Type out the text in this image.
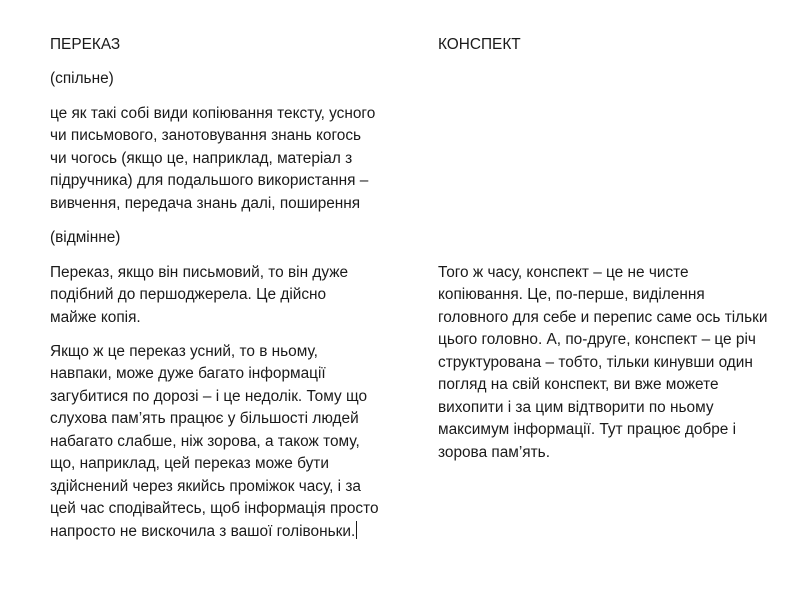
ПЕРЕКАЗ
(спільне)
це як такі собі види копіювання тексту, усного
чи письмового, занотовування знань когось
чи чогось (якщо це, наприклад, матеріал з
підручника) для подальшого використання –
вивчення, передача знань далі, поширення
(відмінне)
Переказ, якщо він письмовий, то він дуже
подібний до першоджерела. Це дійсно
майже копія.
Якщо ж це переказ усний, то в ньому,
навпаки, може дуже багато інформації
загубитися по дорозі – і це недолік. Тому що
слухова пам’ять працює у більшості людей
набагато слабше, ніж зорова, а також тому,
що, наприклад, цей переказ може бути
здійснений через якийсь проміжок часу, і за
цей час сподівайтесь, щоб інформація просто
напросто не вискочила з вашої голівоньки.
КОНСПЕКТ
Того ж часу, конспект – це не чисте
копіювання. Це, по-перше, виділення
головного для себе и перепис саме ось тільки
цього головно. А, по-друге, конспект – це річ
структурована – тобто, тільки кинувши один
погляд на свій конспект, ви вже можете
вихопити і за цим відтворити по ньому
максимум інформації. Тут працює добре і
зорова пам’ять.
